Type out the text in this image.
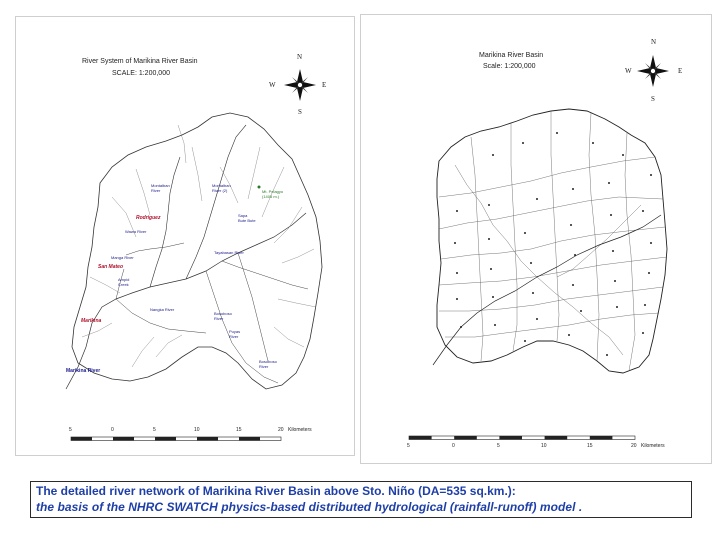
River System of Marikina River Basin
SCALE: 1:200,000
N
S
E
W
Montalban
River
Montalban
River (2)	Mt. Pelagyo
(1405 m.)
Sapa
Bute Bute
Rodriguez
Wawa River
Tayabasan River
Manga River
San Mateo
Ampid
Creek
Nangka River
Bosoboso
River
Marikina
Puyas
River
Marikina River
Bosoboso
River
5	0	5	10	15	20 Kilometers
Marikina River Basin
Scale: 1:200,000
N
S
E
W
5	0	5	10	15	20 Kilometers
The detailed river network of Marikina River Basin above Sto. Niño (DA=535 sq.km.):
the basis of the NHRC SWATCH physics-based distributed hydrological (rainfall-runoff) model .
